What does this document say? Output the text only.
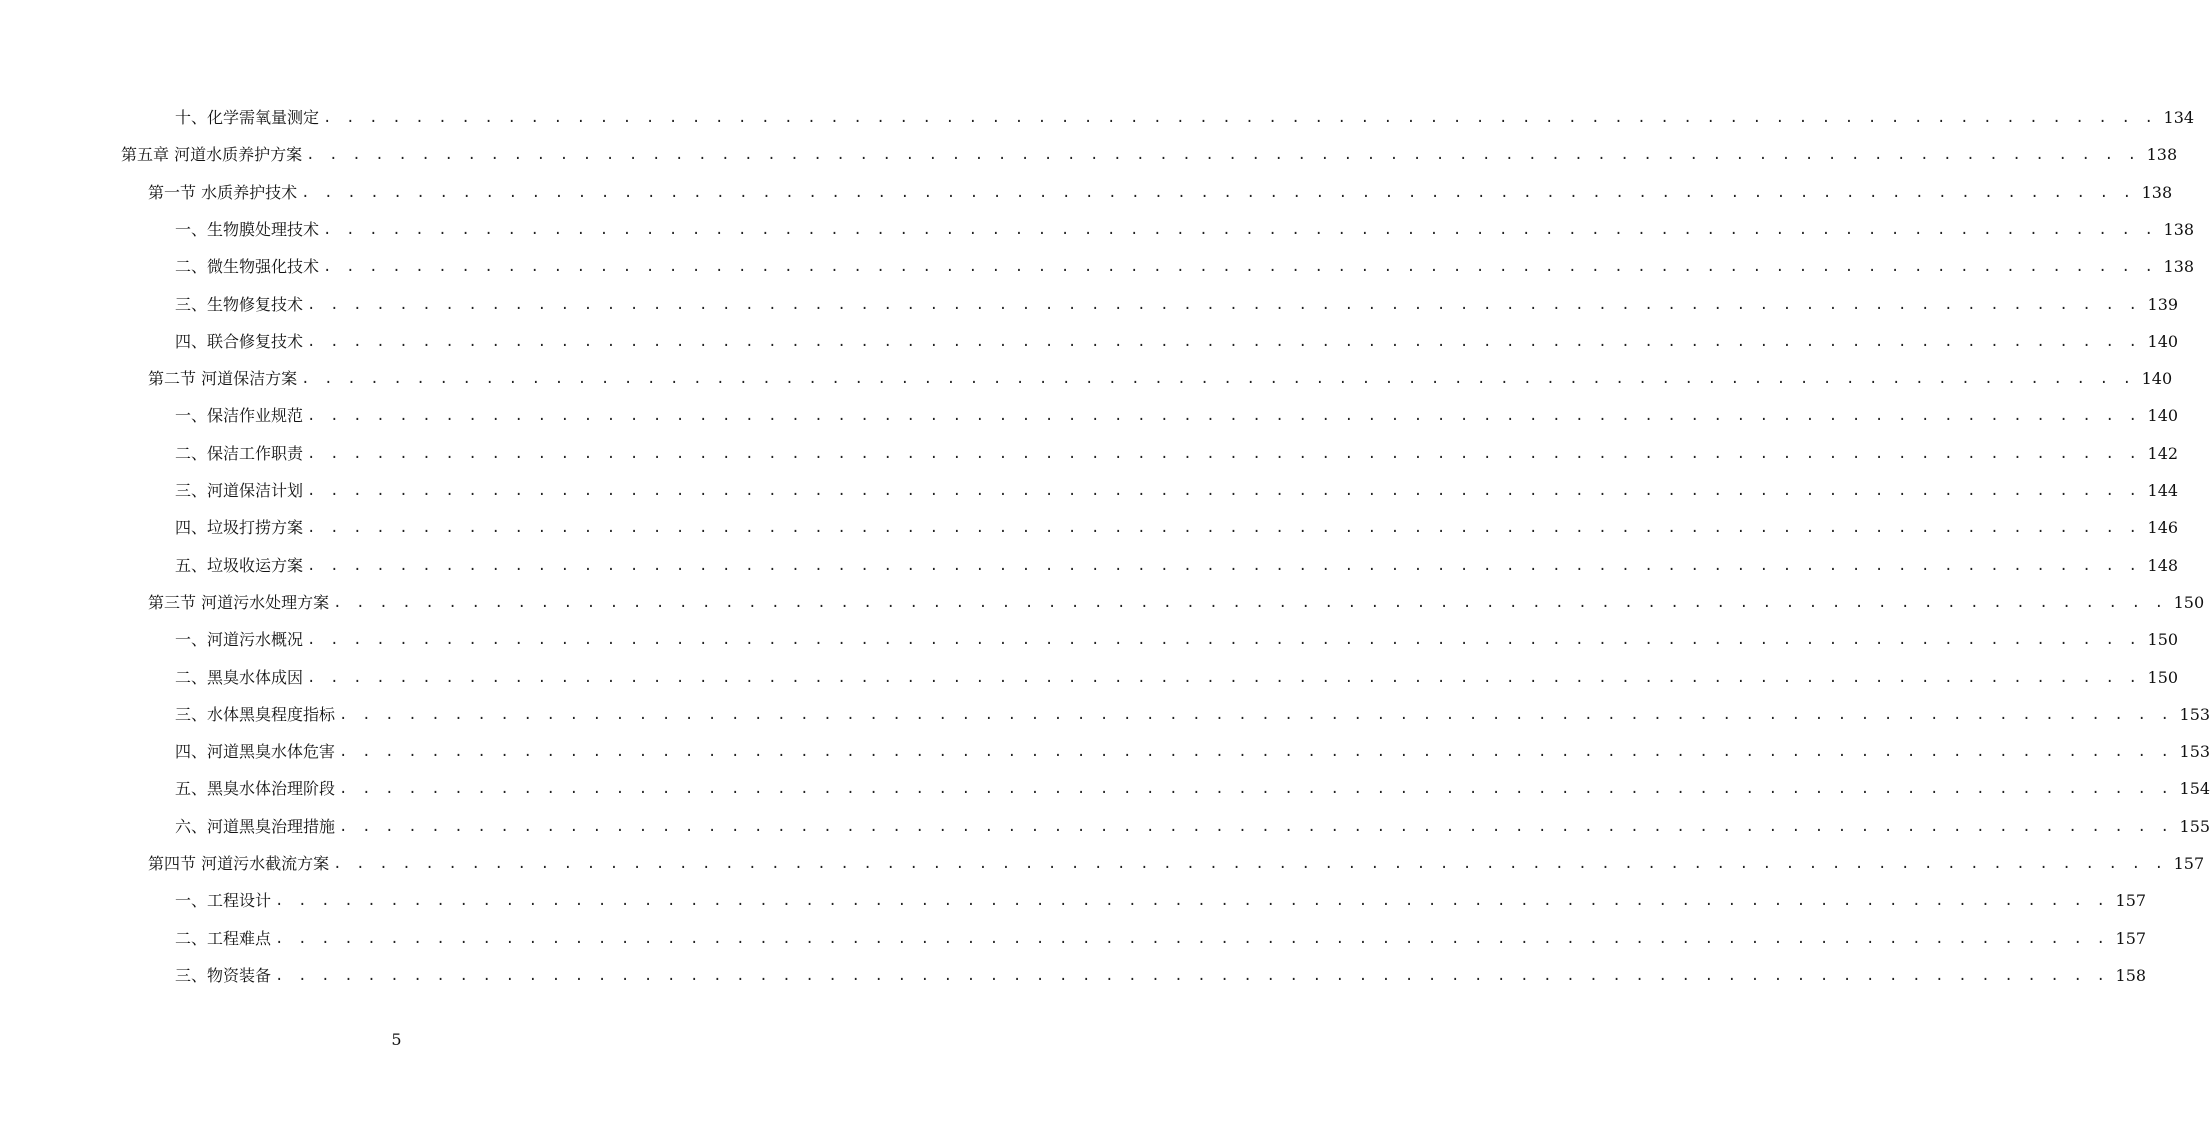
十、化学需氧量测定 . . . . . . . . . . . . . . . . . . . . . . . . . . . . . . . . . . . . . . . . . . . . . . . . . . . . . . . . . . . . . . . . . . . . . . . . . . . . . . . . 134
第五章 河道水质养护方案 . . . . . . . . . . . . . . . . . . . . . . . . . . . . . . . . . . . . . . . . . . . . . . . . . . . . . . . . . . . . . . . . . . . . . . . . . . . . . . . . 138
第一节 水质养护技术 . . . . . . . . . . . . . . . . . . . . . . . . . . . . . . . . . . . . . . . . . . . . . . . . . . . . . . . . . . . . . . . . . . . . . . . . . . . . . . . . 138
一、生物膜处理技术 . . . . . . . . . . . . . . . . . . . . . . . . . . . . . . . . . . . . . . . . . . . . . . . . . . . . . . . . . . . . . . . . . . . . . . . . . . . . . . . . 138
二、微生物强化技术 . . . . . . . . . . . . . . . . . . . . . . . . . . . . . . . . . . . . . . . . . . . . . . . . . . . . . . . . . . . . . . . . . . . . . . . . . . . . . . . . 138
三、生物修复技术 . . . . . . . . . . . . . . . . . . . . . . . . . . . . . . . . . . . . . . . . . . . . . . . . . . . . . . . . . . . . . . . . . . . . . . . . . . . . . . . . 139
四、联合修复技术 . . . . . . . . . . . . . . . . . . . . . . . . . . . . . . . . . . . . . . . . . . . . . . . . . . . . . . . . . . . . . . . . . . . . . . . . . . . . . . . . 140
第二节 河道保洁方案 . . . . . . . . . . . . . . . . . . . . . . . . . . . . . . . . . . . . . . . . . . . . . . . . . . . . . . . . . . . . . . . . . . . . . . . . . . . . . . . . 140
一、保洁作业规范 . . . . . . . . . . . . . . . . . . . . . . . . . . . . . . . . . . . . . . . . . . . . . . . . . . . . . . . . . . . . . . . . . . . . . . . . . . . . . . . . 140
二、保洁工作职责 . . . . . . . . . . . . . . . . . . . . . . . . . . . . . . . . . . . . . . . . . . . . . . . . . . . . . . . . . . . . . . . . . . . . . . . . . . . . . . . . 142
三、河道保洁计划 . . . . . . . . . . . . . . . . . . . . . . . . . . . . . . . . . . . . . . . . . . . . . . . . . . . . . . . . . . . . . . . . . . . . . . . . . . . . . . . . 144
四、垃圾打捞方案 . . . . . . . . . . . . . . . . . . . . . . . . . . . . . . . . . . . . . . . . . . . . . . . . . . . . . . . . . . . . . . . . . . . . . . . . . . . . . . . . 146
五、垃圾收运方案 . . . . . . . . . . . . . . . . . . . . . . . . . . . . . . . . . . . . . . . . . . . . . . . . . . . . . . . . . . . . . . . . . . . . . . . . . . . . . . . . 148
第三节 河道污水处理方案 . . . . . . . . . . . . . . . . . . . . . . . . . . . . . . . . . . . . . . . . . . . . . . . . . . . . . . . . . . . . . . . . . . . . . . . . . . . . . . . . 150
一、河道污水概况 . . . . . . . . . . . . . . . . . . . . . . . . . . . . . . . . . . . . . . . . . . . . . . . . . . . . . . . . . . . . . . . . . . . . . . . . . . . . . . . . 150
二、黑臭水体成因 . . . . . . . . . . . . . . . . . . . . . . . . . . . . . . . . . . . . . . . . . . . . . . . . . . . . . . . . . . . . . . . . . . . . . . . . . . . . . . . . 150
三、水体黑臭程度指标 . . . . . . . . . . . . . . . . . . . . . . . . . . . . . . . . . . . . . . . . . . . . . . . . . . . . . . . . . . . . . . . . . . . . . . . . . . . . . . . . 153
四、河道黑臭水体危害 . . . . . . . . . . . . . . . . . . . . . . . . . . . . . . . . . . . . . . . . . . . . . . . . . . . . . . . . . . . . . . . . . . . . . . . . . . . . . . . . 153
五、黑臭水体治理阶段 . . . . . . . . . . . . . . . . . . . . . . . . . . . . . . . . . . . . . . . . . . . . . . . . . . . . . . . . . . . . . . . . . . . . . . . . . . . . . . . . 154
六、河道黑臭治理措施 . . . . . . . . . . . . . . . . . . . . . . . . . . . . . . . . . . . . . . . . . . . . . . . . . . . . . . . . . . . . . . . . . . . . . . . . . . . . . . . . 155
第四节 河道污水截流方案 . . . . . . . . . . . . . . . . . . . . . . . . . . . . . . . . . . . . . . . . . . . . . . . . . . . . . . . . . . . . . . . . . . . . . . . . . . . . . . . . 157
一、工程设计 . . . . . . . . . . . . . . . . . . . . . . . . . . . . . . . . . . . . . . . . . . . . . . . . . . . . . . . . . . . . . . . . . . . . . . . . . . . . . . . . 157
二、工程难点 . . . . . . . . . . . . . . . . . . . . . . . . . . . . . . . . . . . . . . . . . . . . . . . . . . . . . . . . . . . . . . . . . . . . . . . . . . . . . . . . 157
三、物资装备 . . . . . . . . . . . . . . . . . . . . . . . . . . . . . . . . . . . . . . . . . . . . . . . . . . . . . . . . . . . . . . . . . . . . . . . . . . . . . . . . 158
5
